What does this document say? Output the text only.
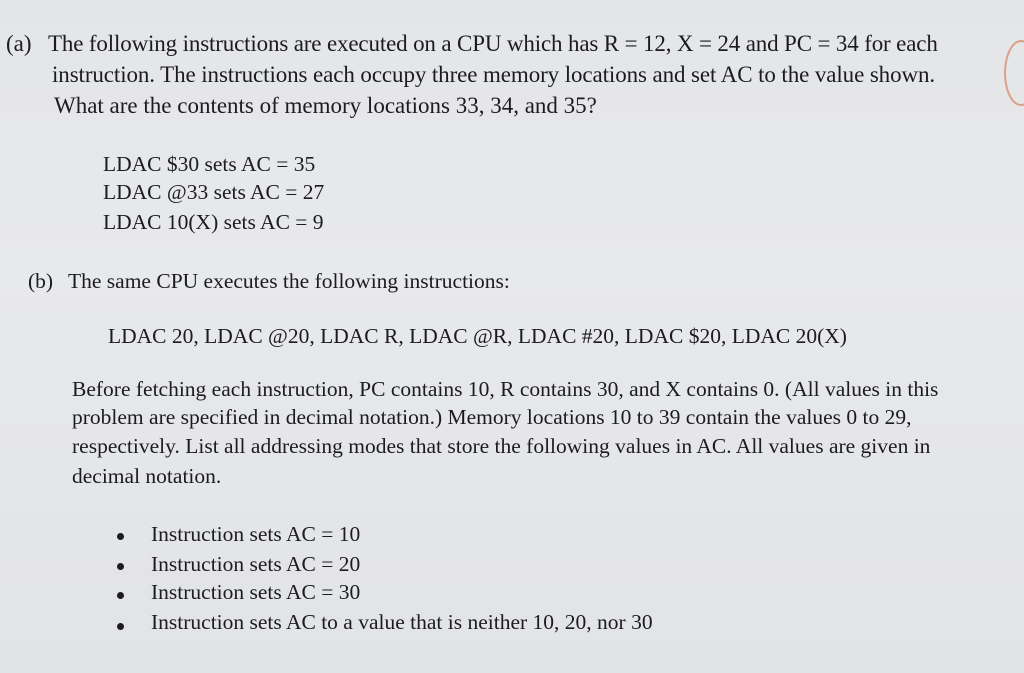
(a) The following instructions are executed on a CPU which has R = 12, X = 24 and PC = 34 for each
instruction. The instructions each occupy three memory locations and set AC to the value shown.
What are the contents of memory locations 33, 34, and 35?
LDAC $30 sets AC = 35
LDAC @33 sets AC = 27
LDAC 10(X) sets AC = 9
(b) The same CPU executes the following instructions:
LDAC 20, LDAC @20, LDAC R, LDAC @R, LDAC #20, LDAC $20, LDAC 20(X)
Before fetching each instruction, PC contains 10, R contains 30, and X contains 0. (All values in this
problem are specified in decimal notation.) Memory locations 10 to 39 contain the values 0 to 29,
respectively. List all addressing modes that store the following values in AC. All values are given in
decimal notation.
Instruction sets AC = 10
Instruction sets AC = 20
Instruction sets AC = 30
Instruction sets AC to a value that is neither 10, 20, nor 30
